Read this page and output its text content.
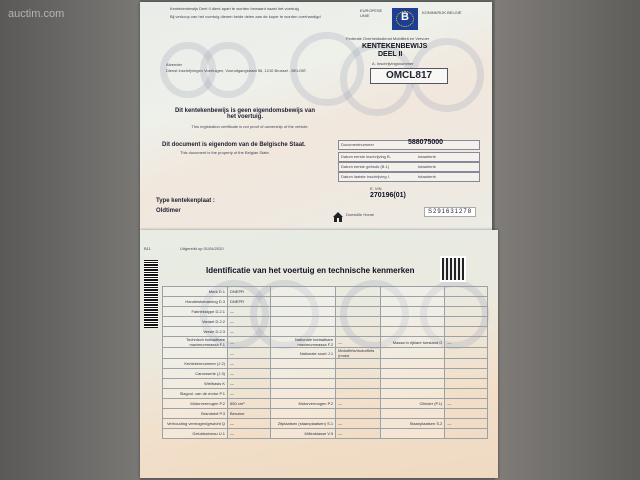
auctim.com	Kentekenbewijs Deel II dient apart te worden bewaard naast het voertuig
Bij verkoop van het voertuig dienen beide delen aan de koper te worden overhandigd
EUROPESE UNIE	B	KONINKRIJK BELGIË
Federale Overheidsdienst Mobiliteit en Vervoer
KENTEKENBEWIJS
DEEL II
A. Inschrijvingsnummer
OMCL817
Afzender
Dienst Inschrijvingen Voertuigen, Vooruitgangstraat 56, 1210 Brussel - BELGIË
Dit kentekenbewijs is geen eigendomsbewijs van het voertuig.
This registration certificate is not proof of ownership of the vehicle.
Dit document is eigendom van de Belgische Staat.
This document is the property of the Belgian State.
Type kentekenplaat :
Oldtimer
Documentnummer	588075000
Datum eerste inschrijving B.	totaalrenb
Datum eerste gebruik (B.1)	totaalrenb
Datum laatste inschrijving I.	totaalrenb
E. VIN
270196(01)
Domicilie Home	S291631278
B11	Uitgereikt op 01/04/2020
Identificatie van het voertuig en technische kenmerken
Merk D.1	DNEPR				
Handelsbenaming D.3	DNEPR				
Fabriekstype D.2.1	—				
Variant D.2.2	—				
Versie D.2.3	—				
Technisch toelaatbare maximummassa F.1	—	Nationale toelaatbare maximummassa F.2	—	Massa in rijklare toestand G	—
	—	Nationale soort J.1	Motorfiets/motorfiets (motor		
Kentekennummer (J.2)	—				
Carrosserie (J.3)	—				
Wielbasis K	—				
Slagvol. van de motor P.1	—				
Motorvermogen P.2	650 cm³	Motorvermogen P.2	—	Cilinder (P.1)	—
Brandstof P.3	Benzine				
Verhouding vermogen/gewicht Q	—	Zitplaatsen (staanplaatsen) S.1	—	Staanplaatsen S.2	—
Geluidsniveau U.1	—	Milieuklasse V.9	—		
